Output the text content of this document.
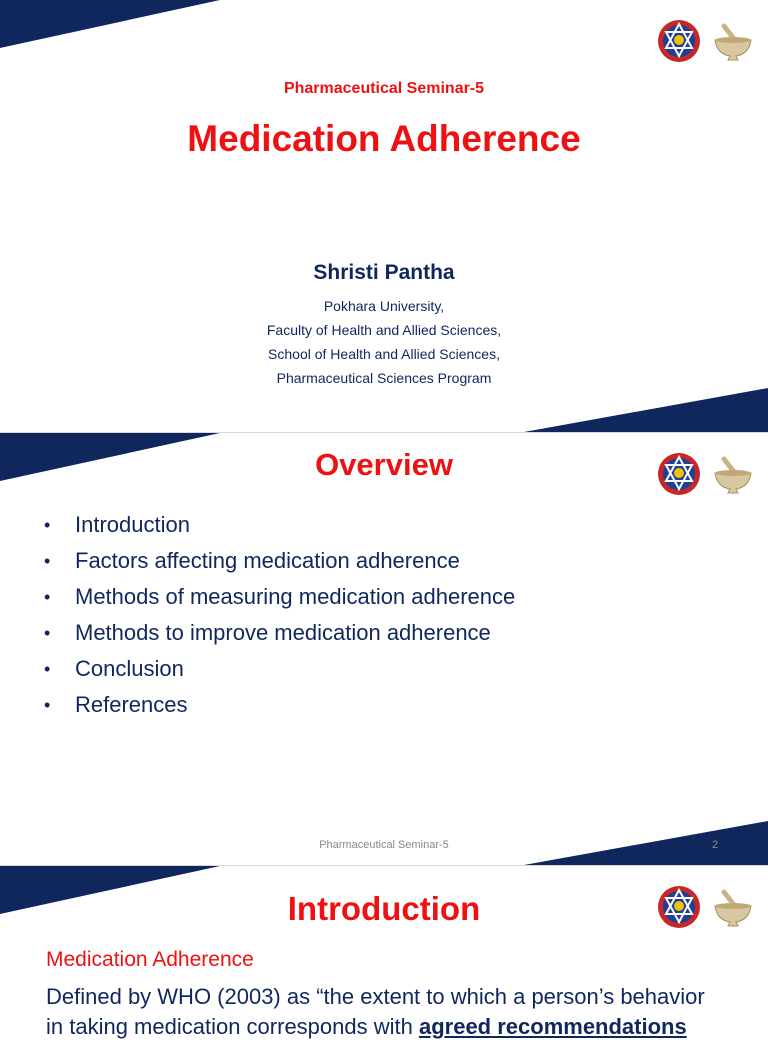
Pharmaceutical Seminar-5
Medication Adherence
Shristi Pantha
Pokhara University,
Faculty of Health and Allied Sciences,
School of Health and Allied Sciences,
Pharmaceutical Sciences Program
Overview
• Introduction
• Factors affecting medication adherence
• Methods of measuring medication adherence
• Methods to improve medication adherence
• Conclusion
• References
Pharmaceutical Seminar-5	2
Introduction
Medication Adherence
Defined by WHO (2003) as “the extent to which a person’s behavior
in taking medication corresponds with agreed recommendations
